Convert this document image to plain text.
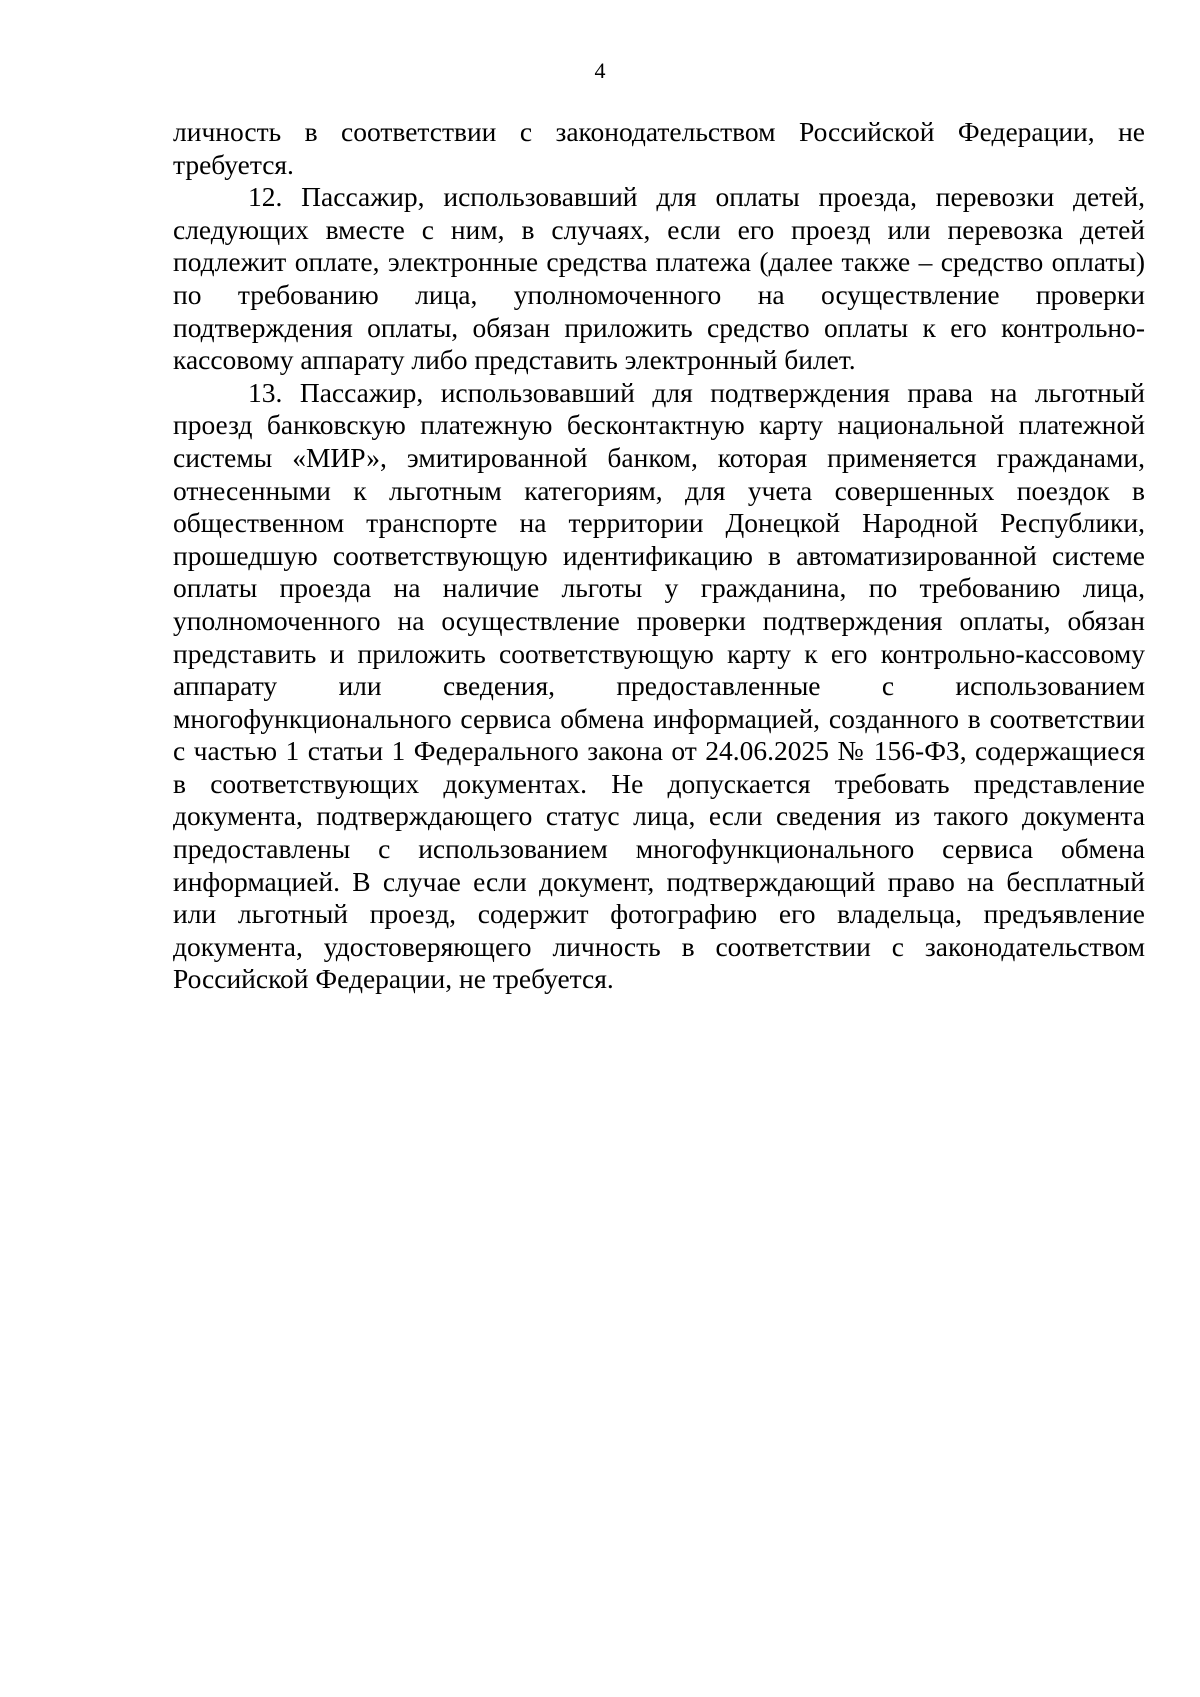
4

личность в соответствии с законодательством Российской Федерации, не требуется.

12. Пассажир, использовавший для оплаты проезда, перевозки детей, следующих вместе с ним, в случаях, если его проезд или перевозка детей подлежит оплате, электронные средства платежа (далее также – средство оплаты) по требованию лица, уполномоченного на осуществление проверки подтверждения оплаты, обязан приложить средство оплаты к его контрольно-кассовому аппарату либо представить электронный билет.

13. Пассажир, использовавший для подтверждения права на льготный проезд банковскую платежную бесконтактную карту национальной платежной системы «МИР», эмитированной банком, которая применяется гражданами, отнесенными к льготным категориям, для учета совершенных поездок в общественном транспорте на территории Донецкой Народной Республики, прошедшую соответствующую идентификацию в автоматизированной системе оплаты проезда на наличие льготы у гражданина, по требованию лица, уполномоченного на осуществление проверки подтверждения оплаты, обязан представить и приложить соответствующую карту к его контрольно-кассовому аппарату или сведения, предоставленные с использованием многофункционального сервиса обмена информацией, созданного в соответствии с частью 1 статьи 1 Федерального закона от 24.06.2025 № 156-ФЗ, содержащиеся в соответствующих документах. Не допускается требовать представление документа, подтверждающего статус лица, если сведения из такого документа предоставлены с использованием многофункционального сервиса обмена информацией. В случае если документ, подтверждающий право на бесплатный или льготный проезд, содержит фотографию его владельца, предъявление документа, удостоверяющего личность в соответствии с законодательством Российской Федерации, не требуется.
